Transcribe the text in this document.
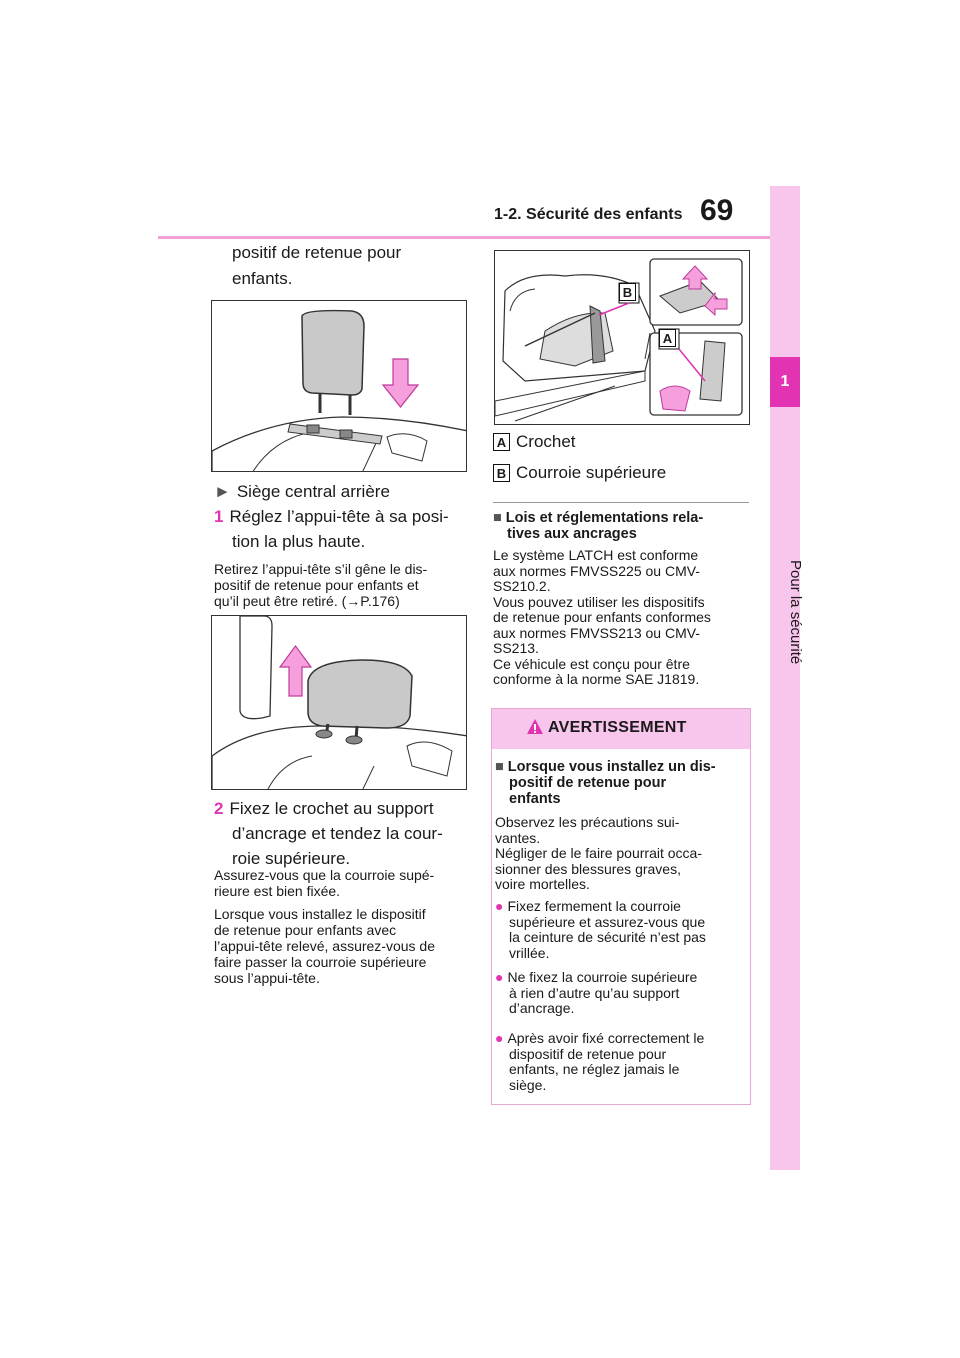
1-2. Sécurité des enfants 69
1
Pour la sécurité
positif de retenue pour
enfants.
► Siège central arrière
1 Réglez l’appui-tête à sa posi-
tion la plus haute.
Retirez l’appui-tête s’il gêne le dis-
positif de retenue pour enfants et
qu’il peut être retiré. (→P.176)
2 Fixez le crochet au support
d’ancrage et tendez la cour-
roie supérieure.
Assurez-vous que la courroie supé-
rieure est bien fixée.
Lorsque vous installez le dispositif
de retenue pour enfants avec
l’appui-tête relevé, assurez-vous de
faire passer la courroie supérieure
sous l’appui-tête.
B
A
A Crochet
B Courroie supérieure
■ Lois et réglementations rela-
tives aux ancrages
Le système LATCH est conforme
aux normes FMVSS225 ou CMV-
SS210.2.
Vous pouvez utiliser les dispositifs
de retenue pour enfants conformes
aux normes FMVSS213 ou CMV-
SS213.
Ce véhicule est conçu pour être
conforme à la norme SAE J1819.
AVERTISSEMENT
■ Lorsque vous installez un dis-
positif de retenue pour
enfants
Observez les précautions sui-
vantes.
Négliger de le faire pourrait occa-
sionner des blessures graves,
voire mortelles.
● Fixez fermement la courroie
supérieure et assurez-vous que
la ceinture de sécurité n’est pas
vrillée.
● Ne fixez la courroie supérieure
à rien d’autre qu’au support
d’ancrage.
● Après avoir fixé correctement le
dispositif de retenue pour
enfants, ne réglez jamais le
siège.
